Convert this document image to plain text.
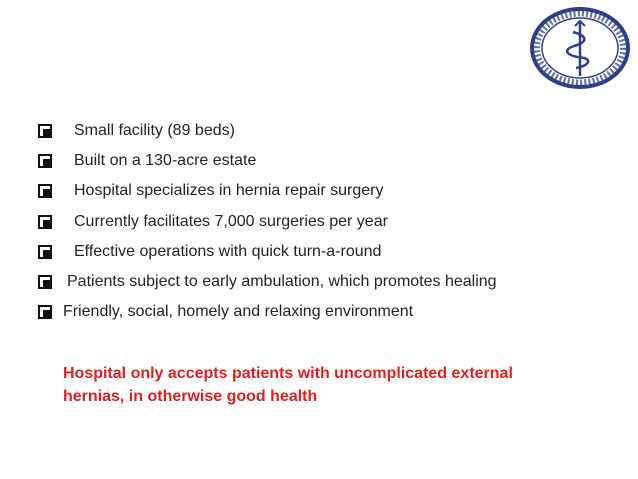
Small facility (89 beds)
Built on a 130-acre estate
Hospital specializes in hernia repair surgery
Currently facilitates 7,000 surgeries per year
Effective operations with quick turn-a-round
Patients subject to early ambulation, which promotes healing
Friendly, social, homely and relaxing environment

Hospital only accepts patients with uncomplicated external
hernias, in otherwise good health
